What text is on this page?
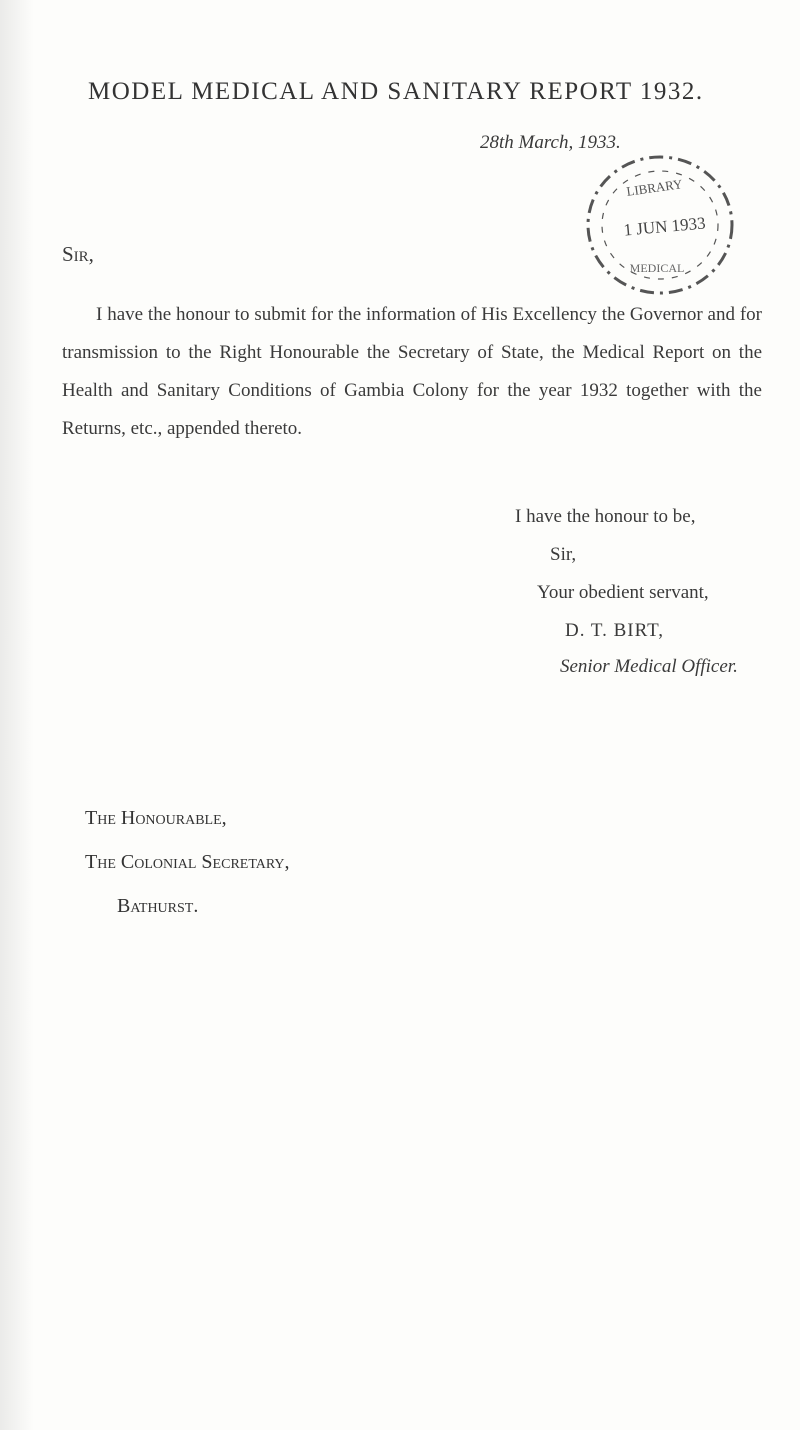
MODEL MEDICAL AND SANITARY REPORT 1932.
28th March, 1933.
LIBRARY
1 JUN 1933
MEDICAL
Sir,

I have the honour to submit for the information of His Excellency the Governor and for transmission to the Right Honourable the Secretary of State, the Medical Report on the Health and Sanitary Conditions of Gambia Colony for the year 1932 together with the Returns, etc., appended thereto.

I have the honour to be,
Sir,
Your obedient servant,
D. T. BIRT,
Senior Medical Officer.
The Honourable,
The Colonial Secretary,
Bathurst.
